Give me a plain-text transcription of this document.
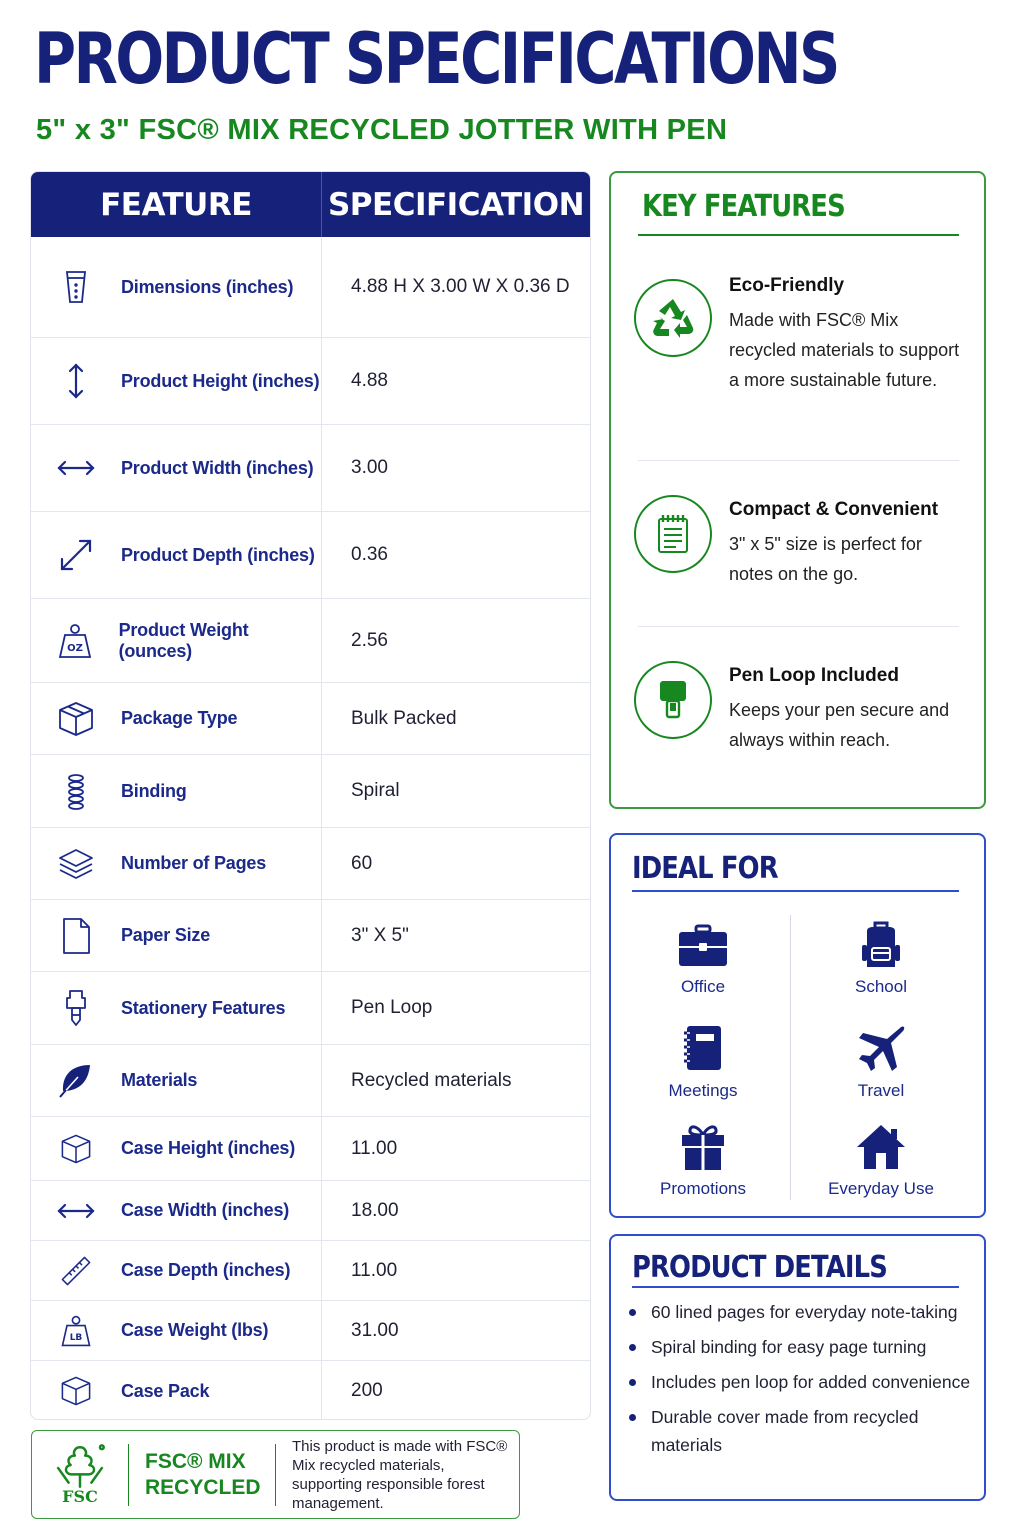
PRODUCT SPECIFICATIONS
5" x 3" FSC® MIX RECYCLED JOTTER WITH PEN
FEATURE	SPECIFICATION
Dimensions (inches)	4.88 H X 3.00 W X 0.36 D
Product Height (inches)	4.88
Product Width (inches)	3.00
Product Depth (inches)	0.36
OZ
Product Weight (ounces)	2.56
Package Type	Bulk Packed
Binding	Spiral
Number of Pages	60
Paper Size	3" X 5"
Stationery Features	Pen Loop
Materials	Recycled materials
Case Height (inches)	11.00
Case Width (inches)	18.00
Case Depth (inches)	11.00
LB Case Weight (lbs)	31.00
Case Pack	200
FSC
FSC® MIX
RECYCLED
This product is made with FSC® Mix recycled materials, supporting responsible forest management.
KEY FEATURES
Eco-Friendly
Made with FSC® Mix recycled materials to support a more sustainable future.
Compact & Convenient
3" x 5" size is perfect for notes on the go.
Pen Loop Included
Keeps your pen secure and always within reach.
IDEAL FOR
Office	School
Meetings	Travel
Promotions	Everyday Use
PRODUCT DETAILS
60 lined pages for everyday note-taking
Spiral binding for easy page turning
Includes pen loop for added convenience
Durable cover made from recycled materials
